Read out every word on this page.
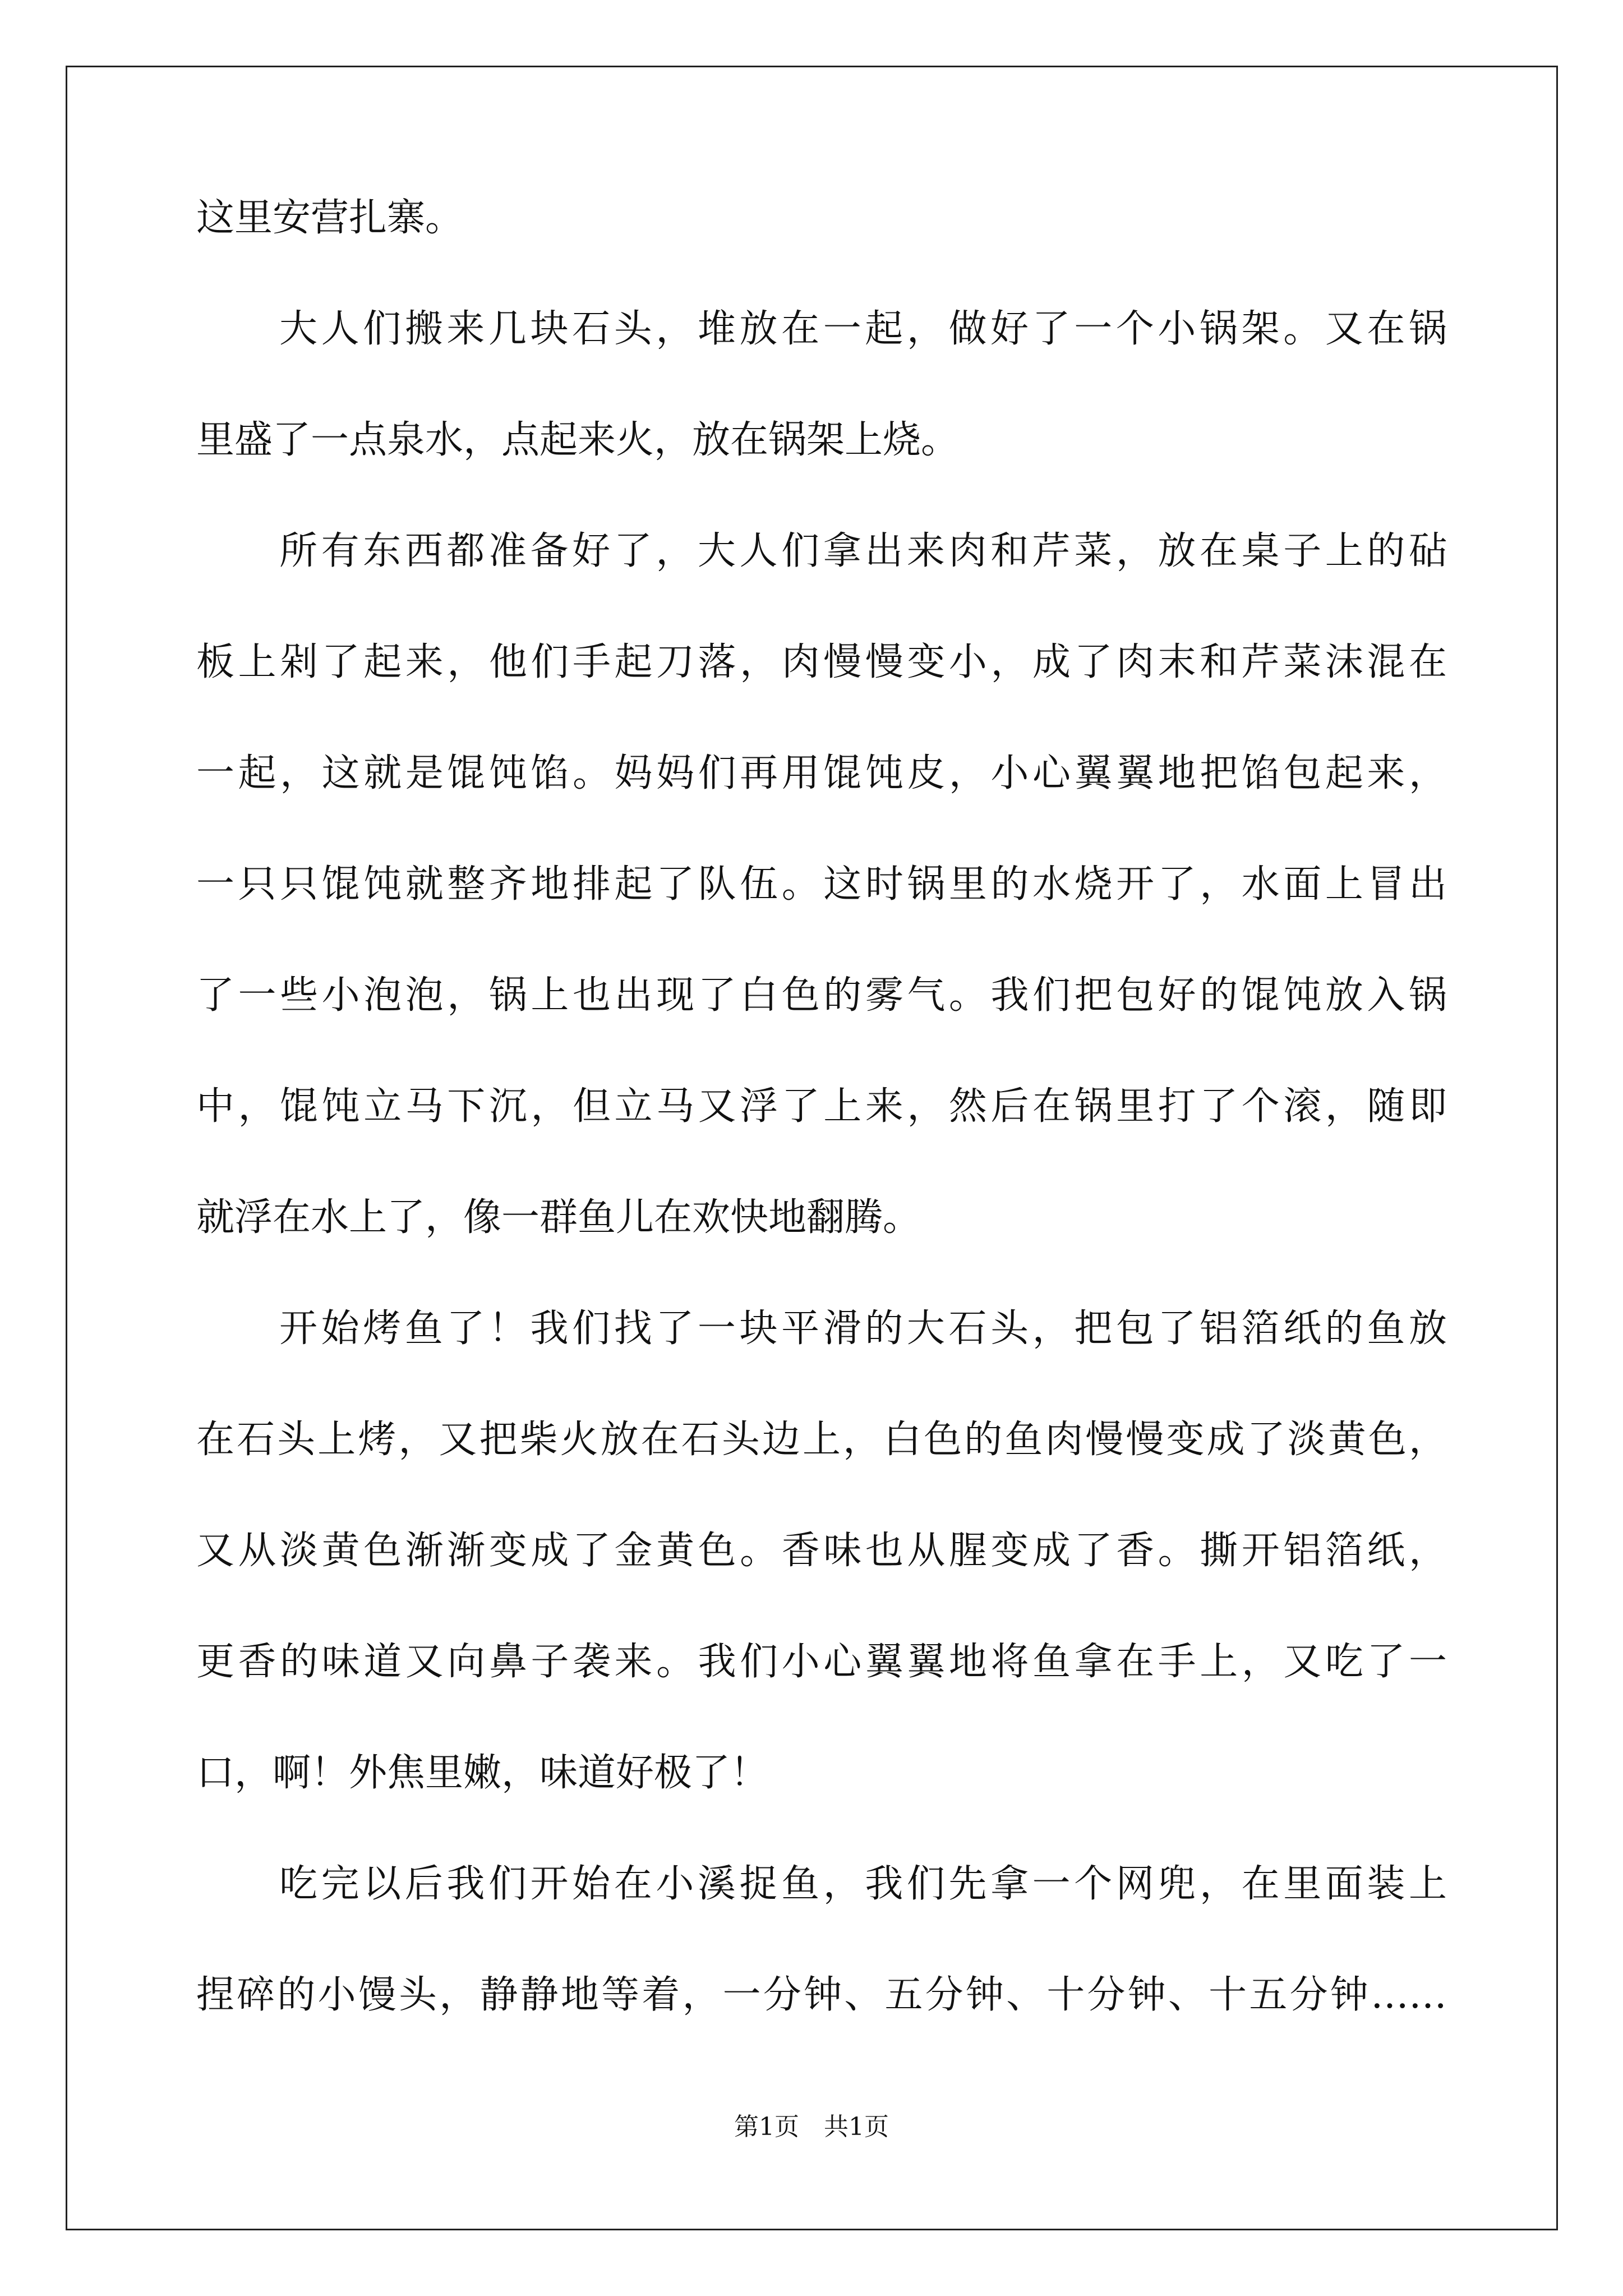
这里安营扎寨。
大人们搬来几块石头，堆放在一起，做好了一个小锅架。又在锅
里盛了一点泉水，点起来火，放在锅架上烧。
所有东西都准备好了，大人们拿出来肉和芹菜，放在桌子上的砧
板上剁了起来，他们手起刀落，肉慢慢变小，成了肉末和芹菜沫混在
一起，这就是馄饨馅。妈妈们再用馄饨皮，小心翼翼地把馅包起来，
一只只馄饨就整齐地排起了队伍。这时锅里的水烧开了，水面上冒出
了一些小泡泡，锅上也出现了白色的雾气。我们把包好的馄饨放入锅
中，馄饨立马下沉，但立马又浮了上来，然后在锅里打了个滚，随即
就浮在水上了，像一群鱼儿在欢快地翻腾。
开始烤鱼了！我们找了一块平滑的大石头，把包了铝箔纸的鱼放
在石头上烤，又把柴火放在石头边上，白色的鱼肉慢慢变成了淡黄色，
又从淡黄色渐渐变成了金黄色。香味也从腥变成了香。撕开铝箔纸，
更香的味道又向鼻子袭来。我们小心翼翼地将鱼拿在手上，又吃了一
口，啊！外焦里嫩，味道好极了！
吃完以后我们开始在小溪捉鱼，我们先拿一个网兜，在里面装上
捏碎的小馒头，静静地等着，一分钟、五分钟、十分钟、十五分钟……
第1页　共1页
